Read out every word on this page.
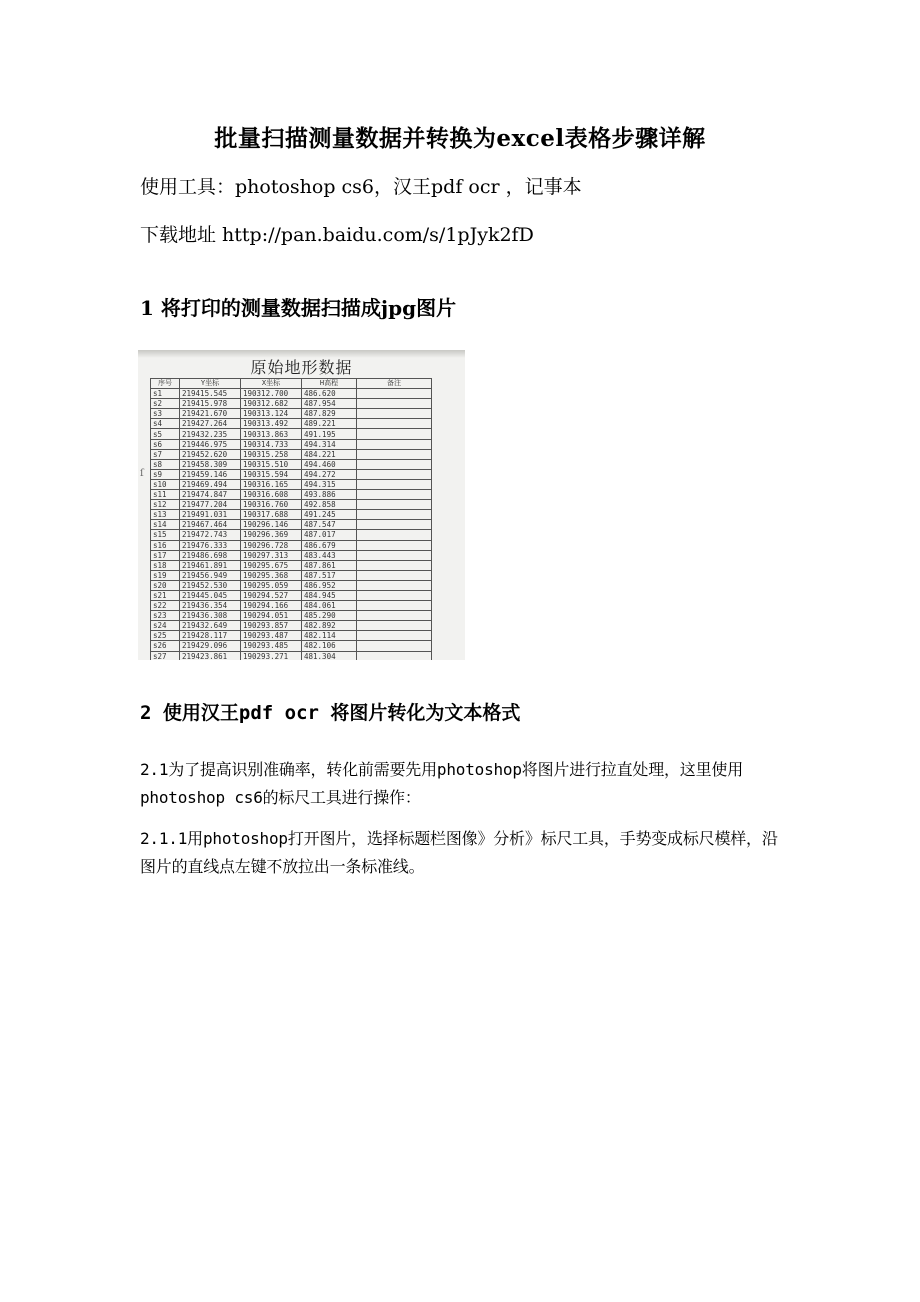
批量扫描测量数据并转换为excel表格步骤详解

使用工具：photoshop cs6，汉王pdf ocr ，记事本

下载地址 http://pan.baidu.com/s/1pJyk2fD

1 将打印的测量数据扫描成jpg图片
原始地形数据
ſ
序号	Y坐标	X坐标	H高程	备注
s1	219415.545	190312.700	486.620	
s2	219415.978	190312.682	487.954	
s3	219421.670	190313.124	487.829	
s4	219427.264	190313.492	489.221	
s5	219432.235	190313.863	491.195	
s6	219446.975	190314.733	494.314	
s7	219452.620	190315.258	484.221	
s8	219458.309	190315.510	494.460	
s9	219459.146	190315.594	494.272	
s10	219469.494	190316.165	494.315	
s11	219474.847	190316.608	493.886	
s12	219477.204	190316.760	492.858	
s13	219491.031	190317.688	491.245	
s14	219467.464	190296.146	487.547	
s15	219472.743	190296.369	487.017	
s16	219476.333	190296.728	486.679	
s17	219486.698	190297.313	483.443	
s18	219461.891	190295.675	487.861	
s19	219456.949	190295.368	487.517	
s20	219452.530	190295.059	486.952	
s21	219445.045	190294.527	484.945	
s22	219436.354	190294.166	484.061	
s23	219436.308	190294.051	485.290	
s24	219432.649	190293.857	482.892	
s25	219428.117	190293.487	482.114	
s26	219429.096	190293.485	482.106	
s27	219423.861	190293.271	481.304	
2 使用汉王pdf ocr 将图片转化为文本格式

2.1为了提高识别准确率，转化前需要先用photoshop将图片进行拉直处理，这里使用photoshop cs6的标尺工具进行操作：

2.1.1用photoshop打开图片，选择标题栏图像》分析》标尺工具，手势变成标尺模样，沿图片的直线点左键不放拉出一条标准线。
